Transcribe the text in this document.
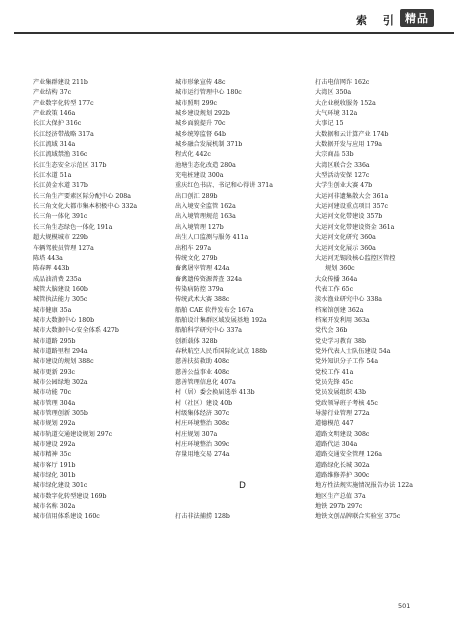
索 引 精品
产业集群建设 211b
产业结构 37c
产业数字化转型 177c
产业政策 146a
长江大保护 316c
长江经济带战略 317a
长江流域 314a
长江流域禁渔 316c
长江生态安全示范区 317b
长江水道 51a
长江黄金水道 317b
长三角生产要素区际分配中心 208a
长三角文化大都市集本积极中心 332a
长三角一体化 391c
长三角生态绿色一体化 191a
超大规模城市 229b
车辆驾驶员管理 127a
陈塔 443a
陈春晖 443b
成品油消费 235a
城管大脑建设 160b
城管执法能力 305c
城市健康 35a
城市大数据中心 180b
城市大数据中心安全体系 427b
城市道路 295b
城市道路里程 294a
城市建设的规划 388c
城市更新 293c
城市公园绿地 302a
城市功能 70c
城市管理 304a
城市管理创新 305b
城市规划 292a
城市轨道交通建设规划 297c
城市建设 292a
城市精神 35c
城市客厅 191b
城市绿化 301b
城市绿化建设 301c
城市数字化转型建设 169b
城市名称 302a
城市信用体系建设 160c
城市形象宣传 48c
城市运行管理中心 180c
城市照明 299c
城乡建设规划 292b
城乡面貌提升 70c
城乡统筹监督 64b
城乡融合发展机制 371b
程式化 442c
池塘生态化改造 280a
充电桩建设 300a
重庆红色书店、书记和心得讲 371a
出口创汇 289b
出入境安全监管 162a
出入境管理规范 163a
出入境管理 127b
出生人口监测与服务 411a
出租车 297a
传统文化 279b
畜禽屠宰管理 424a
畜禽遗传资源普查 324a
传染病防控 379a
传统武术大赛 388c
船舶 CAE 软件发布会 167a
船舶设计集群区域发展基地 192a
船舶科学研究中心 337a
创新载体 328b
春秋航空人民币国际化试点 188b
慈善扶贫救助 408c
慈善公益事业 408c
慈善管理信息化 407a
村（居）委会换届选举 413b
村（社区）建设 40b
村级集体经济 307c
村庄环境整治 308c
村庄规划 307a
村庄环境整治 309c
存量用地交易 274a
D
打击非法捕捞 128b
打击电信网诈 162c
大湾区 350a
大企业税收服务 152a
大气环境 312a
大事记 15
大数据和云计算产业 174b
大数据开发与应用 179a
大宗商品 53b
大湾区联合会 336a
大型活动安保 127c
大学生创业大赛 47b
大运河非遗集散大会 361a
大运河建设重点项目 357c
大运河文化带建设 357b
大运河文化带建设资金 361a
大运河文化研究 360a
大运河文化展示 360a
大运河无锡段核心监控区管控
规划 360c
大众传播 364a
代表工作 65c
淡水渔业研究中心 338a
档案馆创建 362a
档案开发利用 363a
党代会 36b
党史学习教育 38b
党外代表人士队伍建设 54a
党外知识分子工作 54a
党校工作 41a
党员先锋 45c
党员发展组织 43b
党政领导班子考核 45c
导游行业管理 272a
道德模范 447
道路文明建设 308c
道路代运 304a
道路交通安全管理 126a
道路绿化长城 302a
道路维修养护 300c
地方性法规实施情况报告办法 122a
地区生产总值 37a
地铁 297b 297c
地铁文创品牌联合实验室 375c
501
